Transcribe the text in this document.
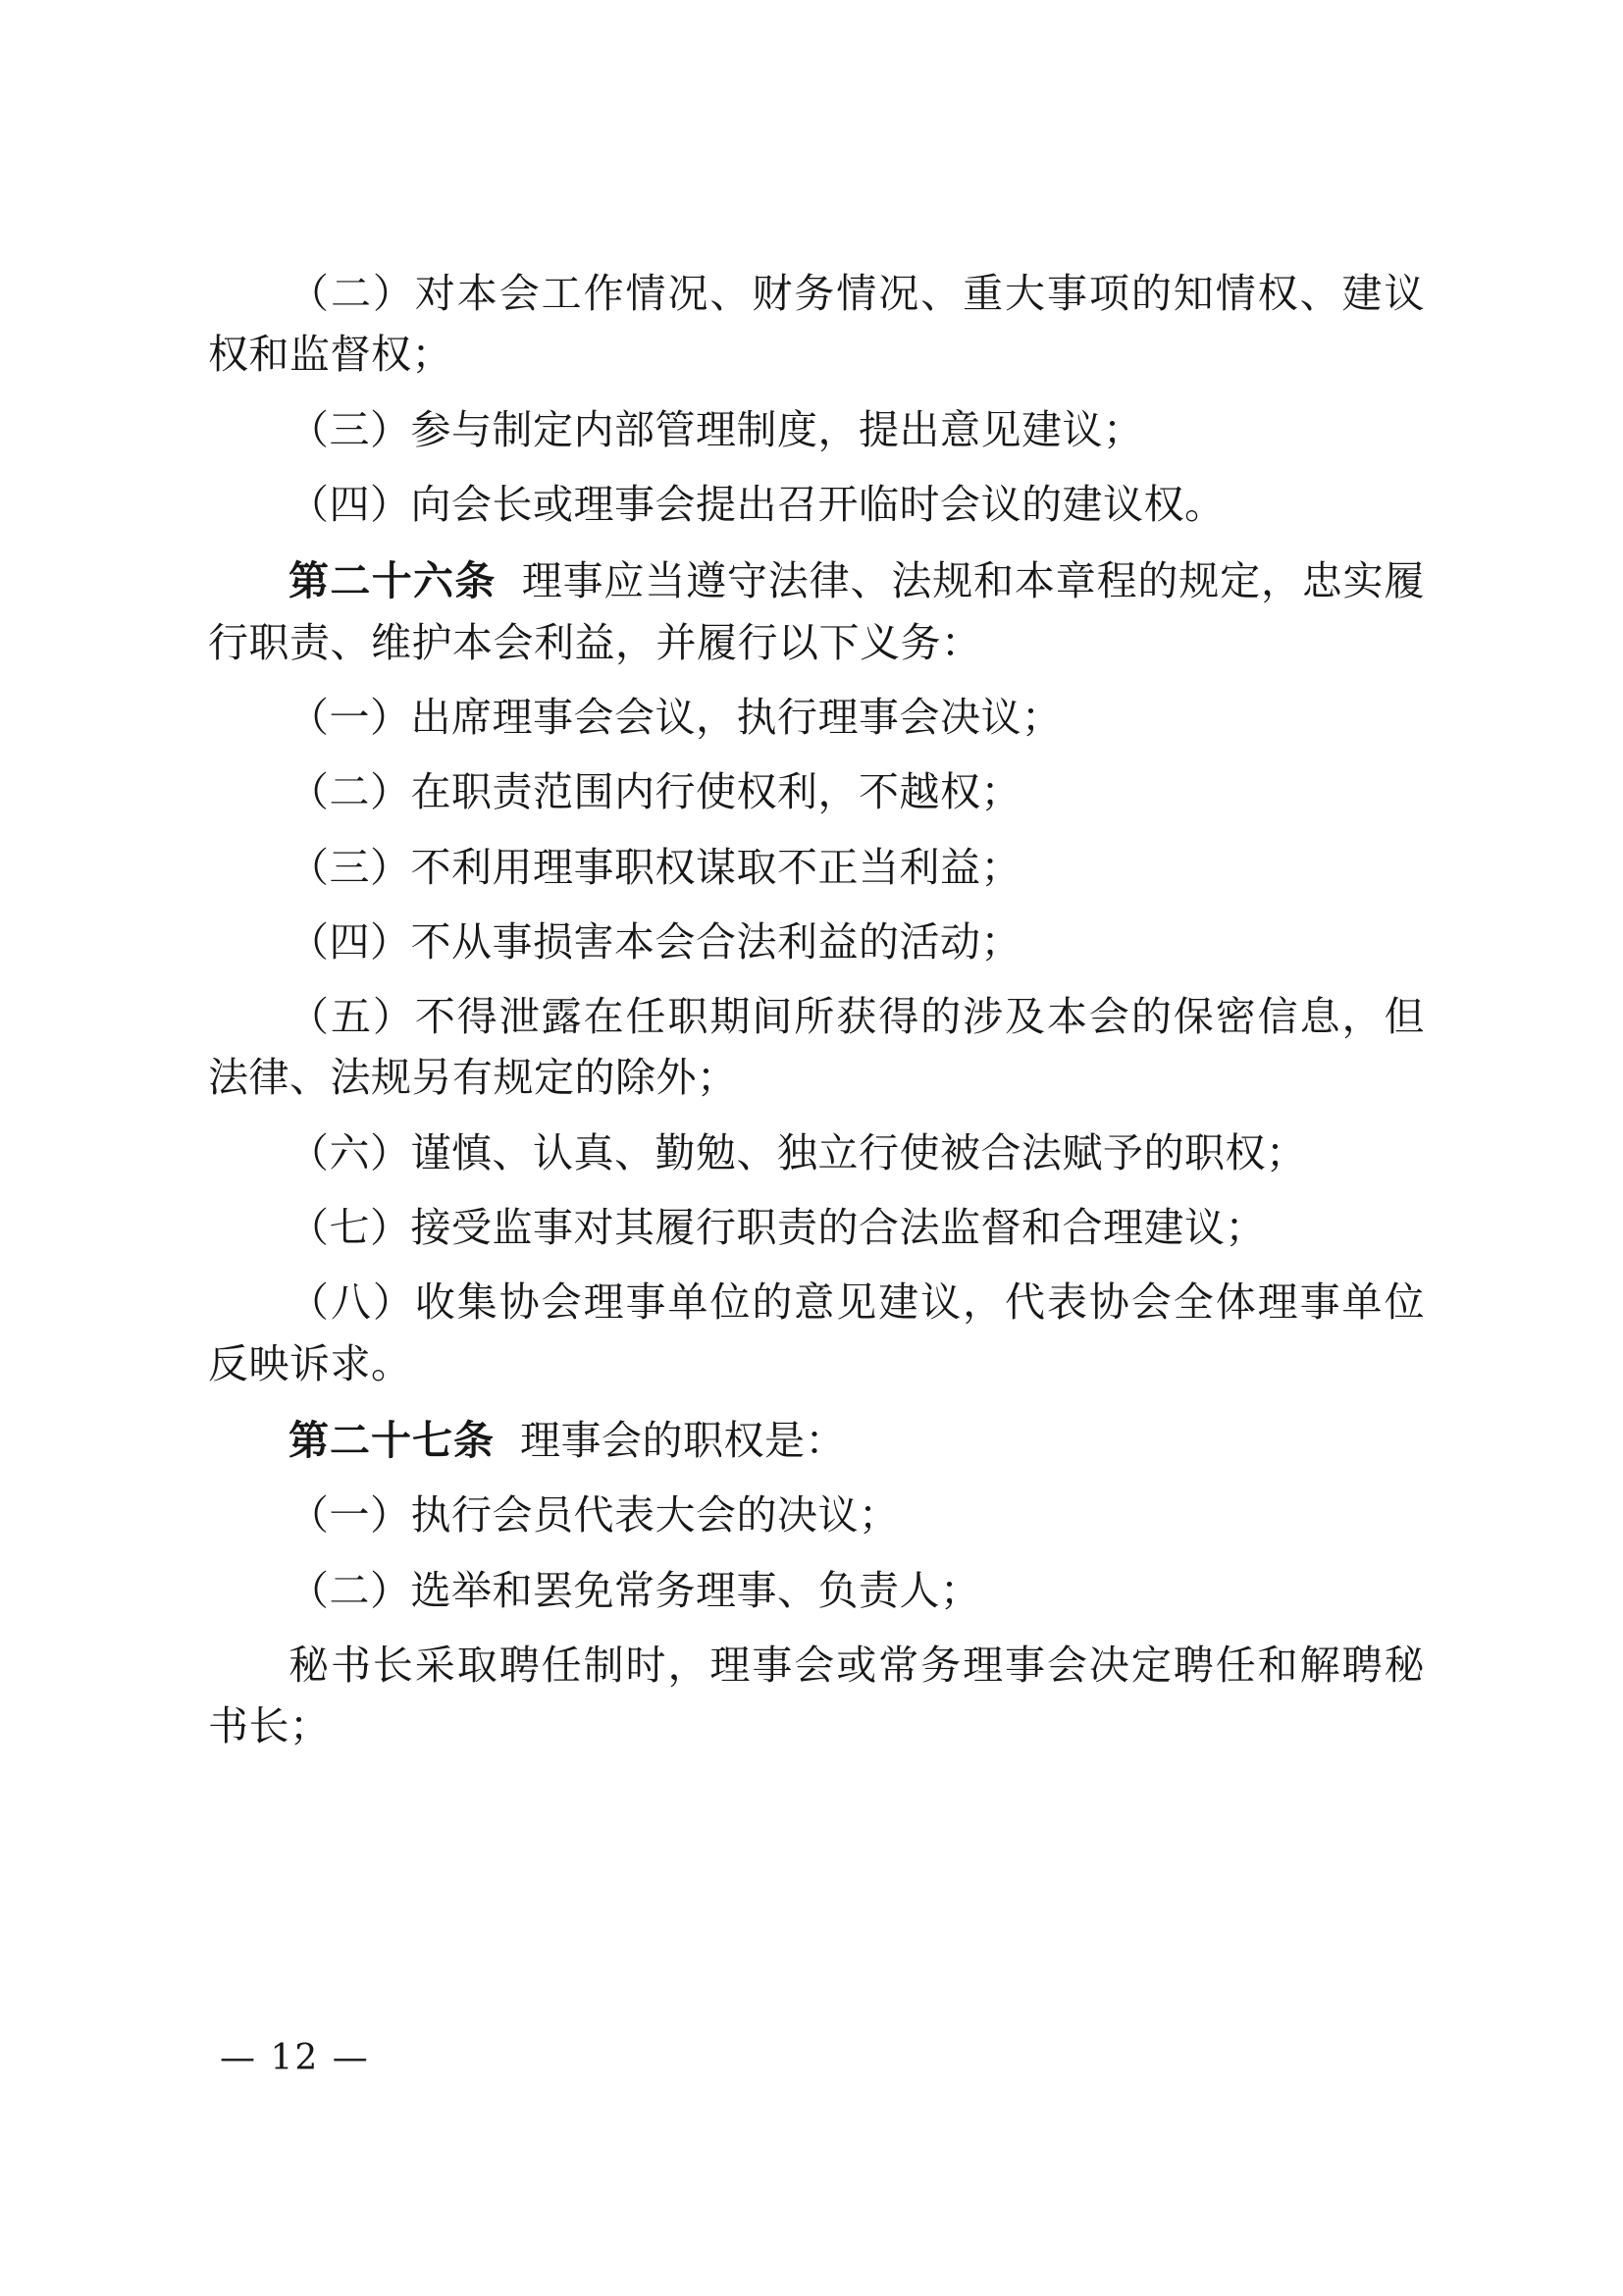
（二）对本会工作情况、财务情况、重大事项的知情权、建议权和监督权；

（三）参与制定内部管理制度，提出意见建议；

（四）向会长或理事会提出召开临时会议的建议权。

第二十六条 理事应当遵守法律、法规和本章程的规定，忠实履行职责、维护本会利益，并履行以下义务：

（一）出席理事会会议，执行理事会决议；

（二）在职责范围内行使权利，不越权；

（三）不利用理事职权谋取不正当利益；

（四）不从事损害本会合法利益的活动；

（五）不得泄露在任职期间所获得的涉及本会的保密信息，但法律、法规另有规定的除外；

（六）谨慎、认真、勤勉、独立行使被合法赋予的职权；

（七）接受监事对其履行职责的合法监督和合理建议；

（八）收集协会理事单位的意见建议，代表协会全体理事单位反映诉求。

第二十七条 理事会的职权是：

（一）执行会员代表大会的决议；

（二）选举和罢免常务理事、负责人；

秘书长采取聘任制时，理事会或常务理事会决定聘任和解聘秘书长；

— 12 —
